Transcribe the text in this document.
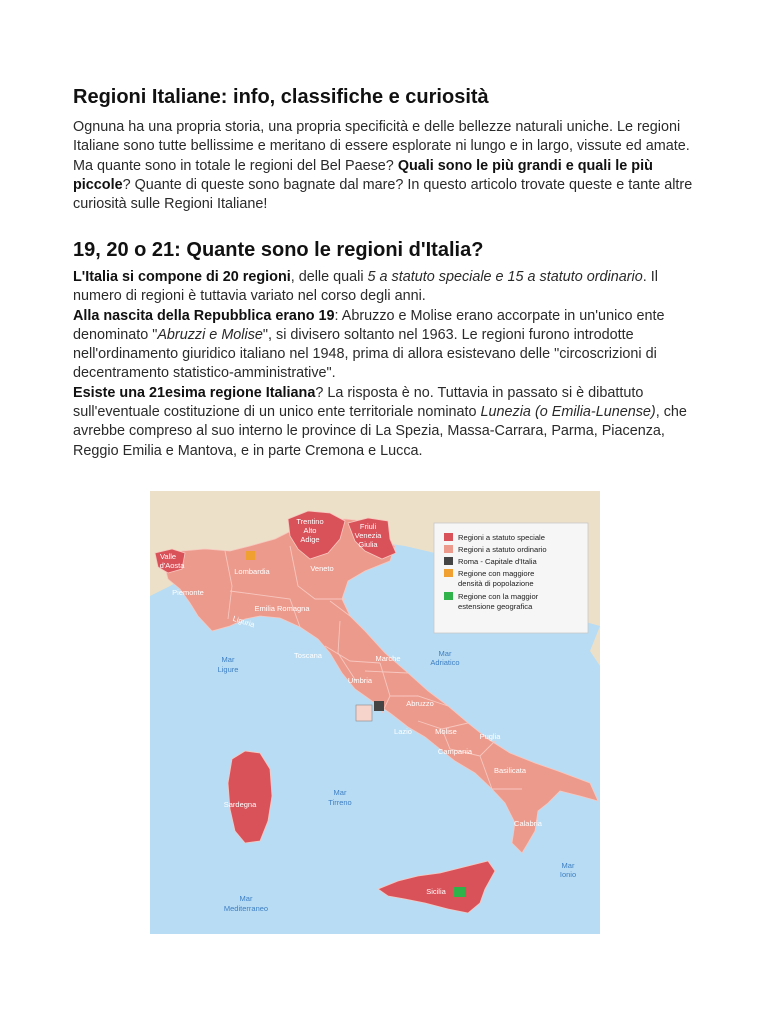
Regioni Italiane: info, classifiche e curiosità

Ognuna ha una propria storia, una propria specificità e delle bellezze naturali uniche. Le regioni Italiane sono tutte bellissime e meritano di essere esplorate ni lungo e in largo, vissute ed amate. Ma quante sono in totale le regioni del Bel Paese? Quali sono le più grandi e quali le più piccole? Quante di queste sono bagnate dal mare? In questo articolo trovate queste e tante altre curiosità sulle Regioni Italiane!

19, 20 o 21: Quante sono le regioni d'Italia?

L'Italia si compone di 20 regioni, delle quali 5 a statuto speciale e 15 a statuto ordinario. Il numero di regioni è tuttavia variato nel corso degli anni.

Alla nascita della Repubblica erano 19: Abruzzo e Molise erano accorpate in un'unico ente denominato "Abruzzi e Molise", si divisero soltanto nel 1963. Le regioni furono introdotte nell'ordinamento giuridico italiano nel 1948, prima di allora esistevano delle "circoscrizioni di decentramento statistico-amministrative".

Esiste una 21esima regione Italiana? La risposta è no. Tuttavia in passato si è dibattuto sull'eventuale costituzione di un unico ente territoriale nominato Lunezia (o Emilia-Lunense), che avrebbe compreso al suo interno le province di La Spezia, Massa-Carrara, Parma, Piacenza, Reggio Emilia e Mantova, e in parte Cremona e Lucca.

Trentino
Alto
Adige
Friuli
Venezia
Giulia
Valle
d'Aosta
Lombardia	Veneto
Piemonte
Emilia Romagna
Liguria
Toscana	Marche
Umbria
Abruzzo
Lazio	Molise
Campania
Puglia
Basilicata
Calabria
Sardegna
Sicilia
Mar
Ligure
Mar
Adriatico
Mar
Tirreno
Mar
Ionio
Mar
Mediterraneo
Regioni a statuto speciale
Regioni a statuto ordinario
Roma - Capitale d'Italia
Regione con maggiore
densità di popolazione
Regione con la maggior
estensione geografica
